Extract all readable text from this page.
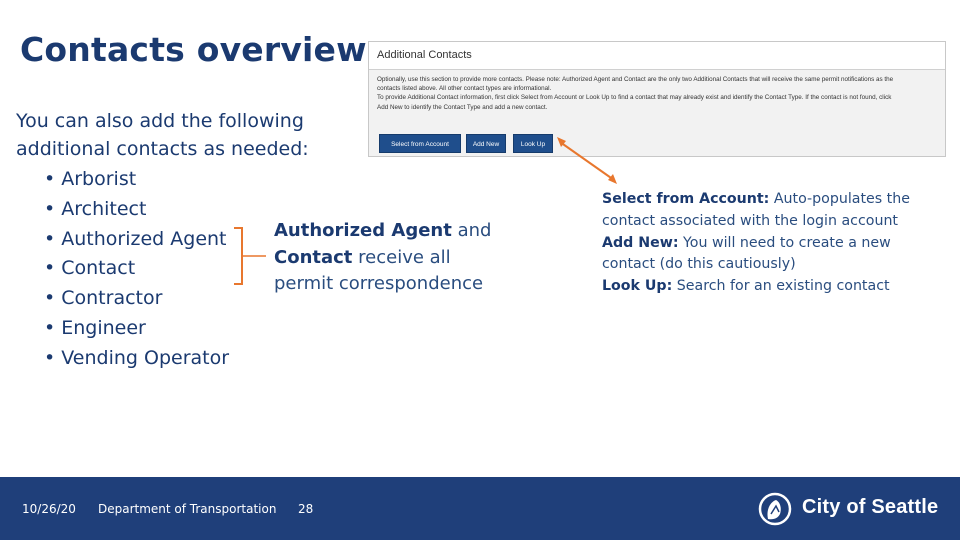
Contacts overview
You can also add the following additional contacts as needed:
• Arborist
• Architect
• Authorized Agent
• Contact
• Contractor
• Engineer
• Vending Operator
Authorized Agent and Contact receive all permit correspondence
Additional Contacts
Optionally, use this section to provide more contacts. Please note: Authorized Agent and Contact are the only two Additional Contacts that will receive the same permit notifications as the
contacts listed above. All other contact types are informational.
To provide Additional Contact information, first click Select from Account or Look Up to find a contact that may already exist and identify the Contact Type. If the contact is not found, click
Add New to identify the Contact Type and add a new contact.
Select from Account	Add New	Look Up
Select from Account: Auto-populates the contact associated with the login account
Add New: You will need to create a new contact (do this cautiously)
Look Up: Search for an existing contact
10/26/20 Department of Transportation 28	City of Seattle
